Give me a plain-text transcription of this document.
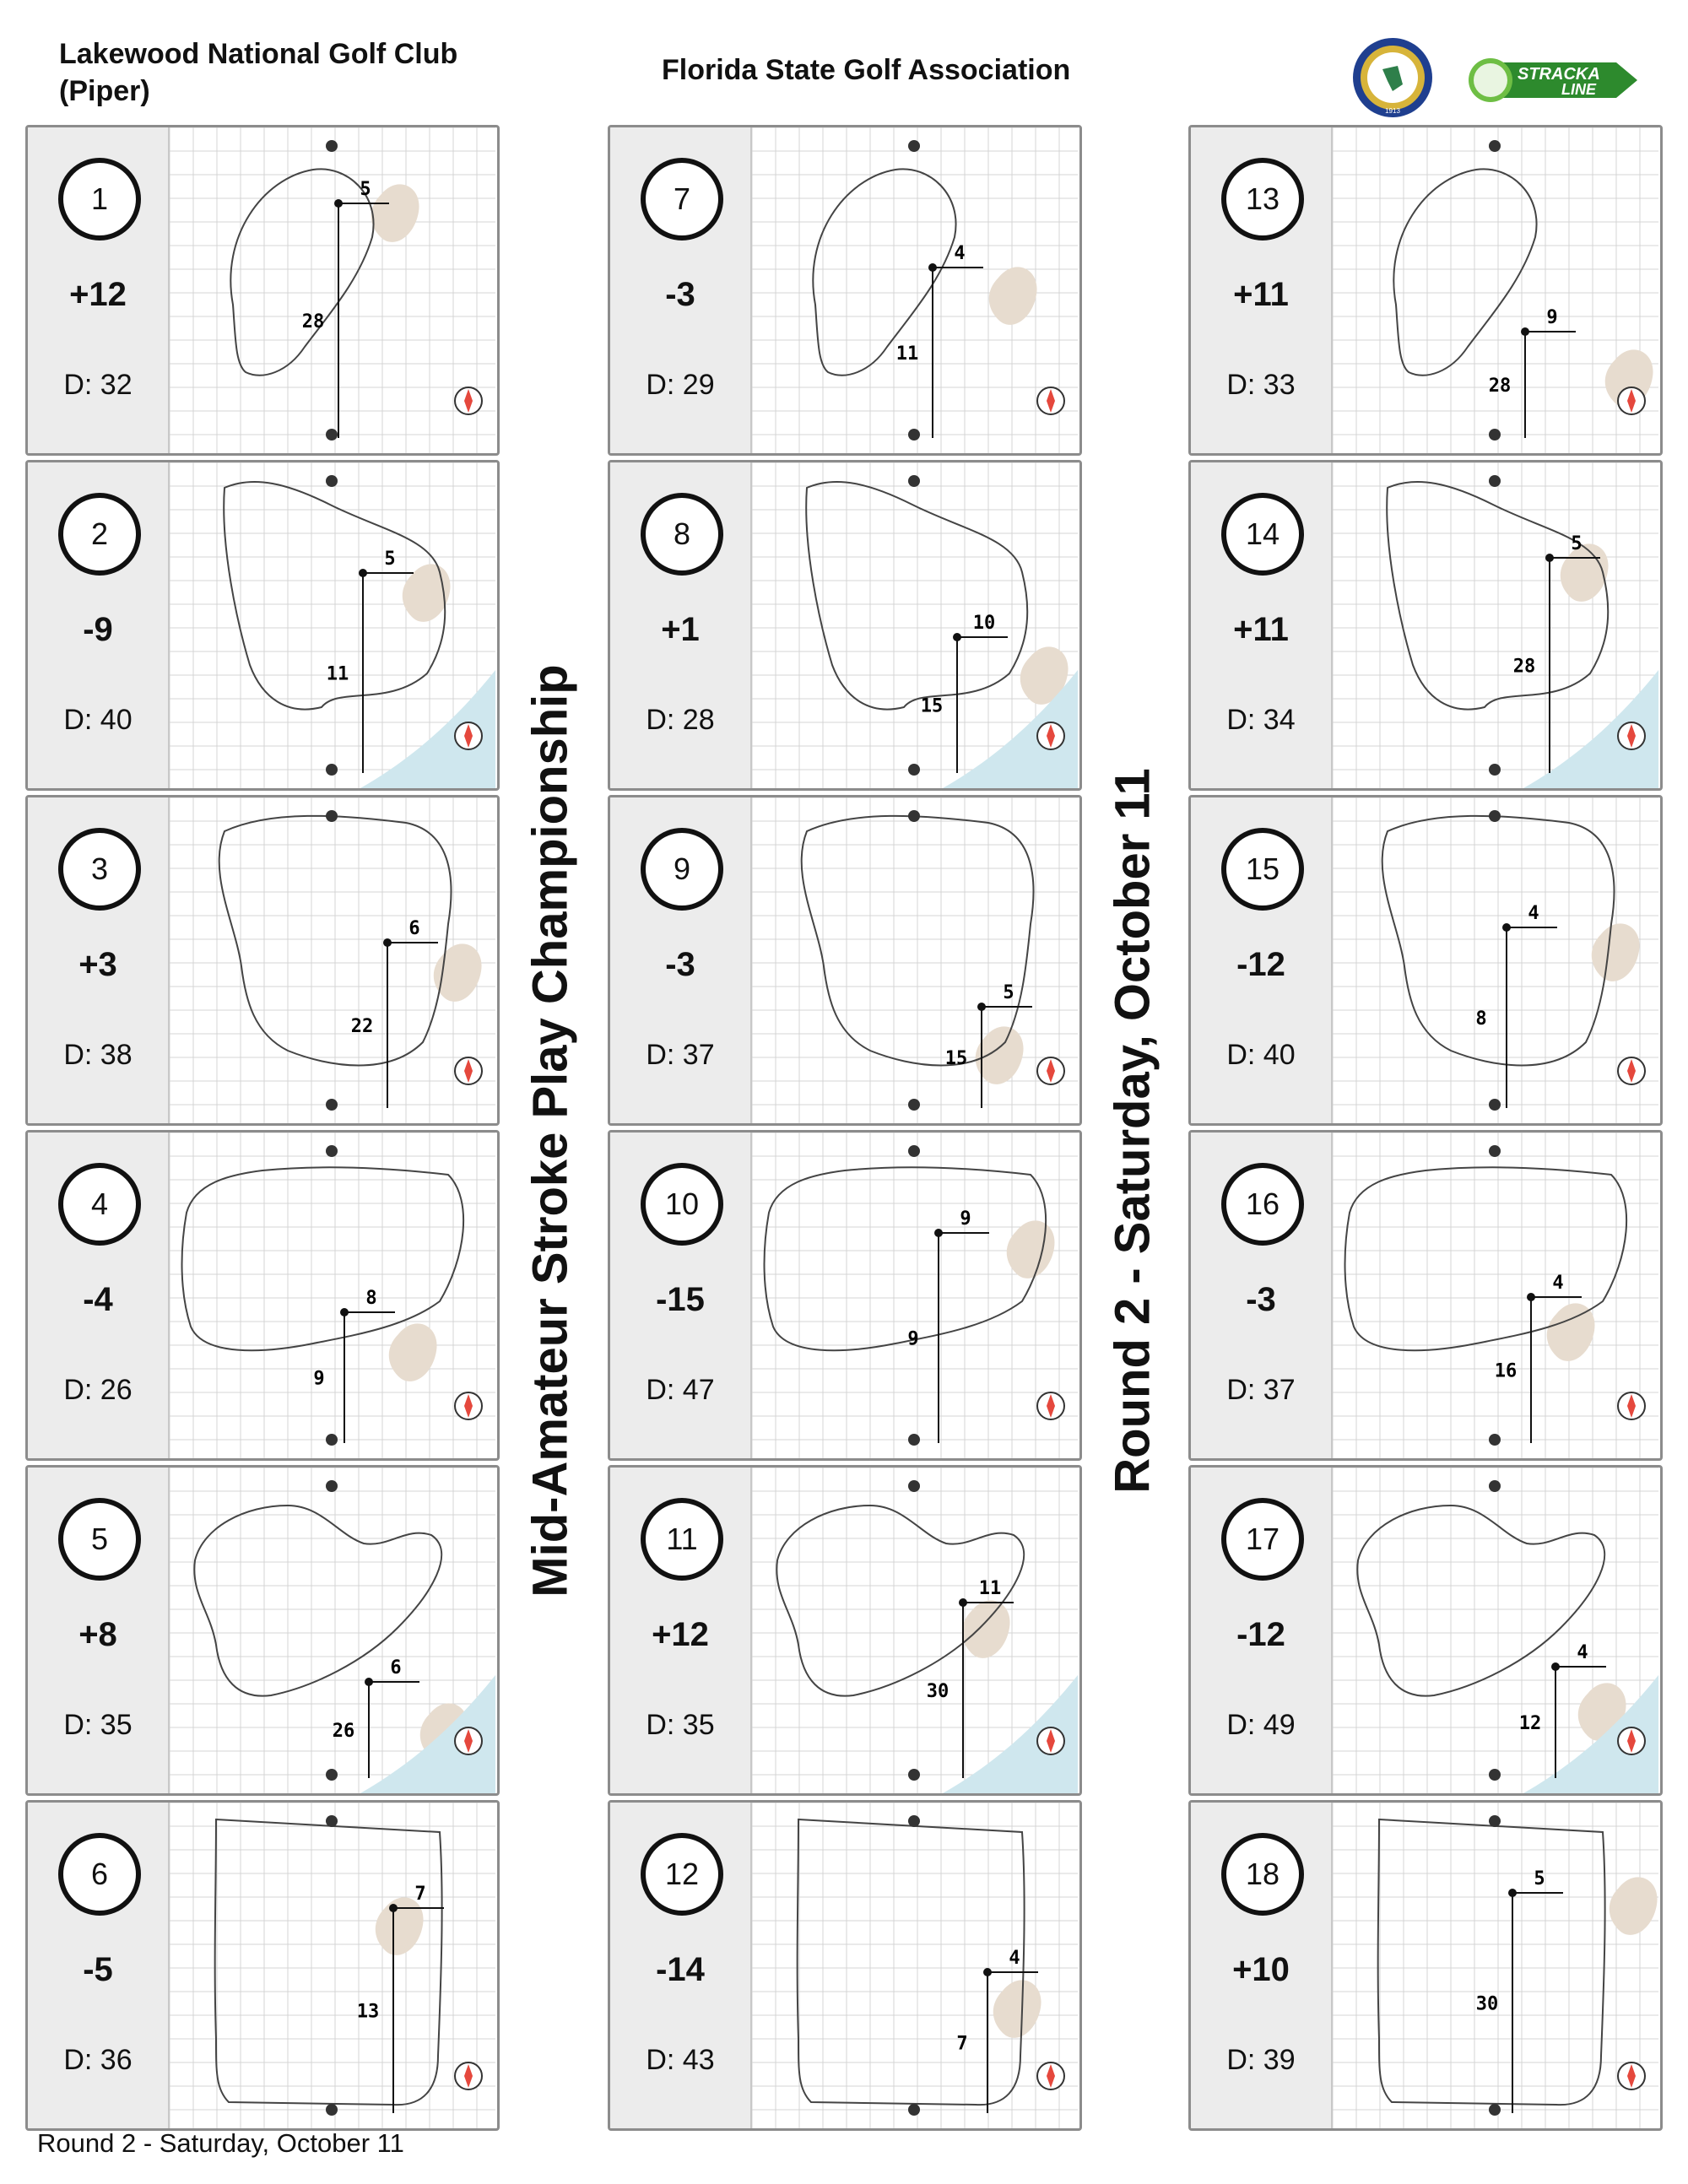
Lakewood National Golf Club
(Piper)
Florida State Golf Association
1913
STRACKA
LINE
Mid-Amateur Stroke Play Championship	Round 2 - Saturday, October 11
1
+12
D: 32
5
28
2
-9
D: 40
5
11
3
+3
D: 38
6
22
4
-4
D: 26
8
9
5
+8
D: 35
6
26
6
-5
D: 36
7
13
7
-3
D: 29
4
11
8
+1
D: 28
10
15
9
-3
D: 37
5
15
10
-15
D: 47
9
9
11
+12
D: 35
11
30
12
-14
D: 43
4
7
13
+11
D: 33
9
28
14
+11
D: 34
5
28
15
-12
D: 40
4
8
16
-3
D: 37
4
16
17
-12
D: 49
4
12
18
+10
D: 39
5
30
Round 2 - Saturday, October 11
